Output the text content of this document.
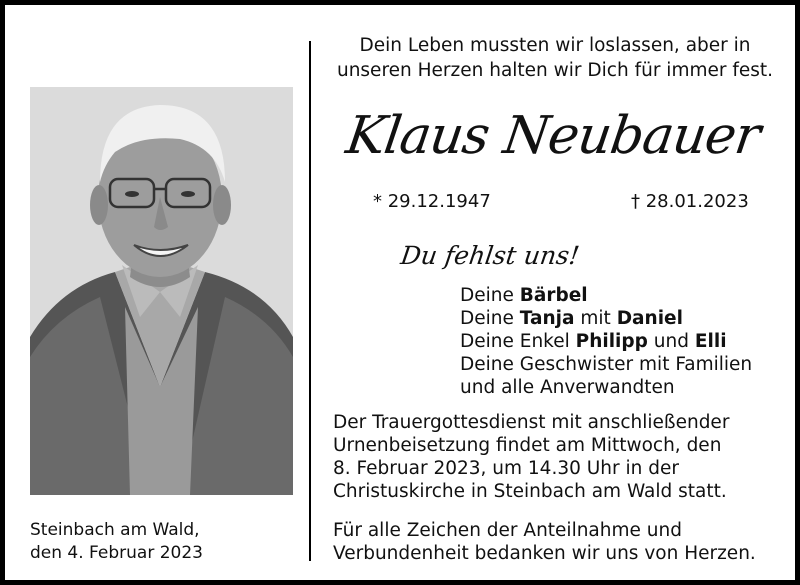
Steinbach am Wald,
den 4. Februar 2023
Dein Leben mussten wir loslassen, aber in
unseren Herzen halten wir Dich für immer fest.
Klaus Neubauer
* 29.12.1947	† 28.01.2023
Du fehlst uns!
Deine Bärbel
Deine Tanja mit Daniel
Deine Enkel Philipp und Elli
Deine Geschwister mit Familien
und alle Anverwandten
Der Trauergottesdienst mit anschließender
Urnenbeisetzung findet am Mittwoch, den
8. Februar 2023, um 14.30 Uhr in der
Christuskirche in Steinbach am Wald statt.
Für alle Zeichen der Anteilnahme und
Verbundenheit bedanken wir uns von Herzen.
